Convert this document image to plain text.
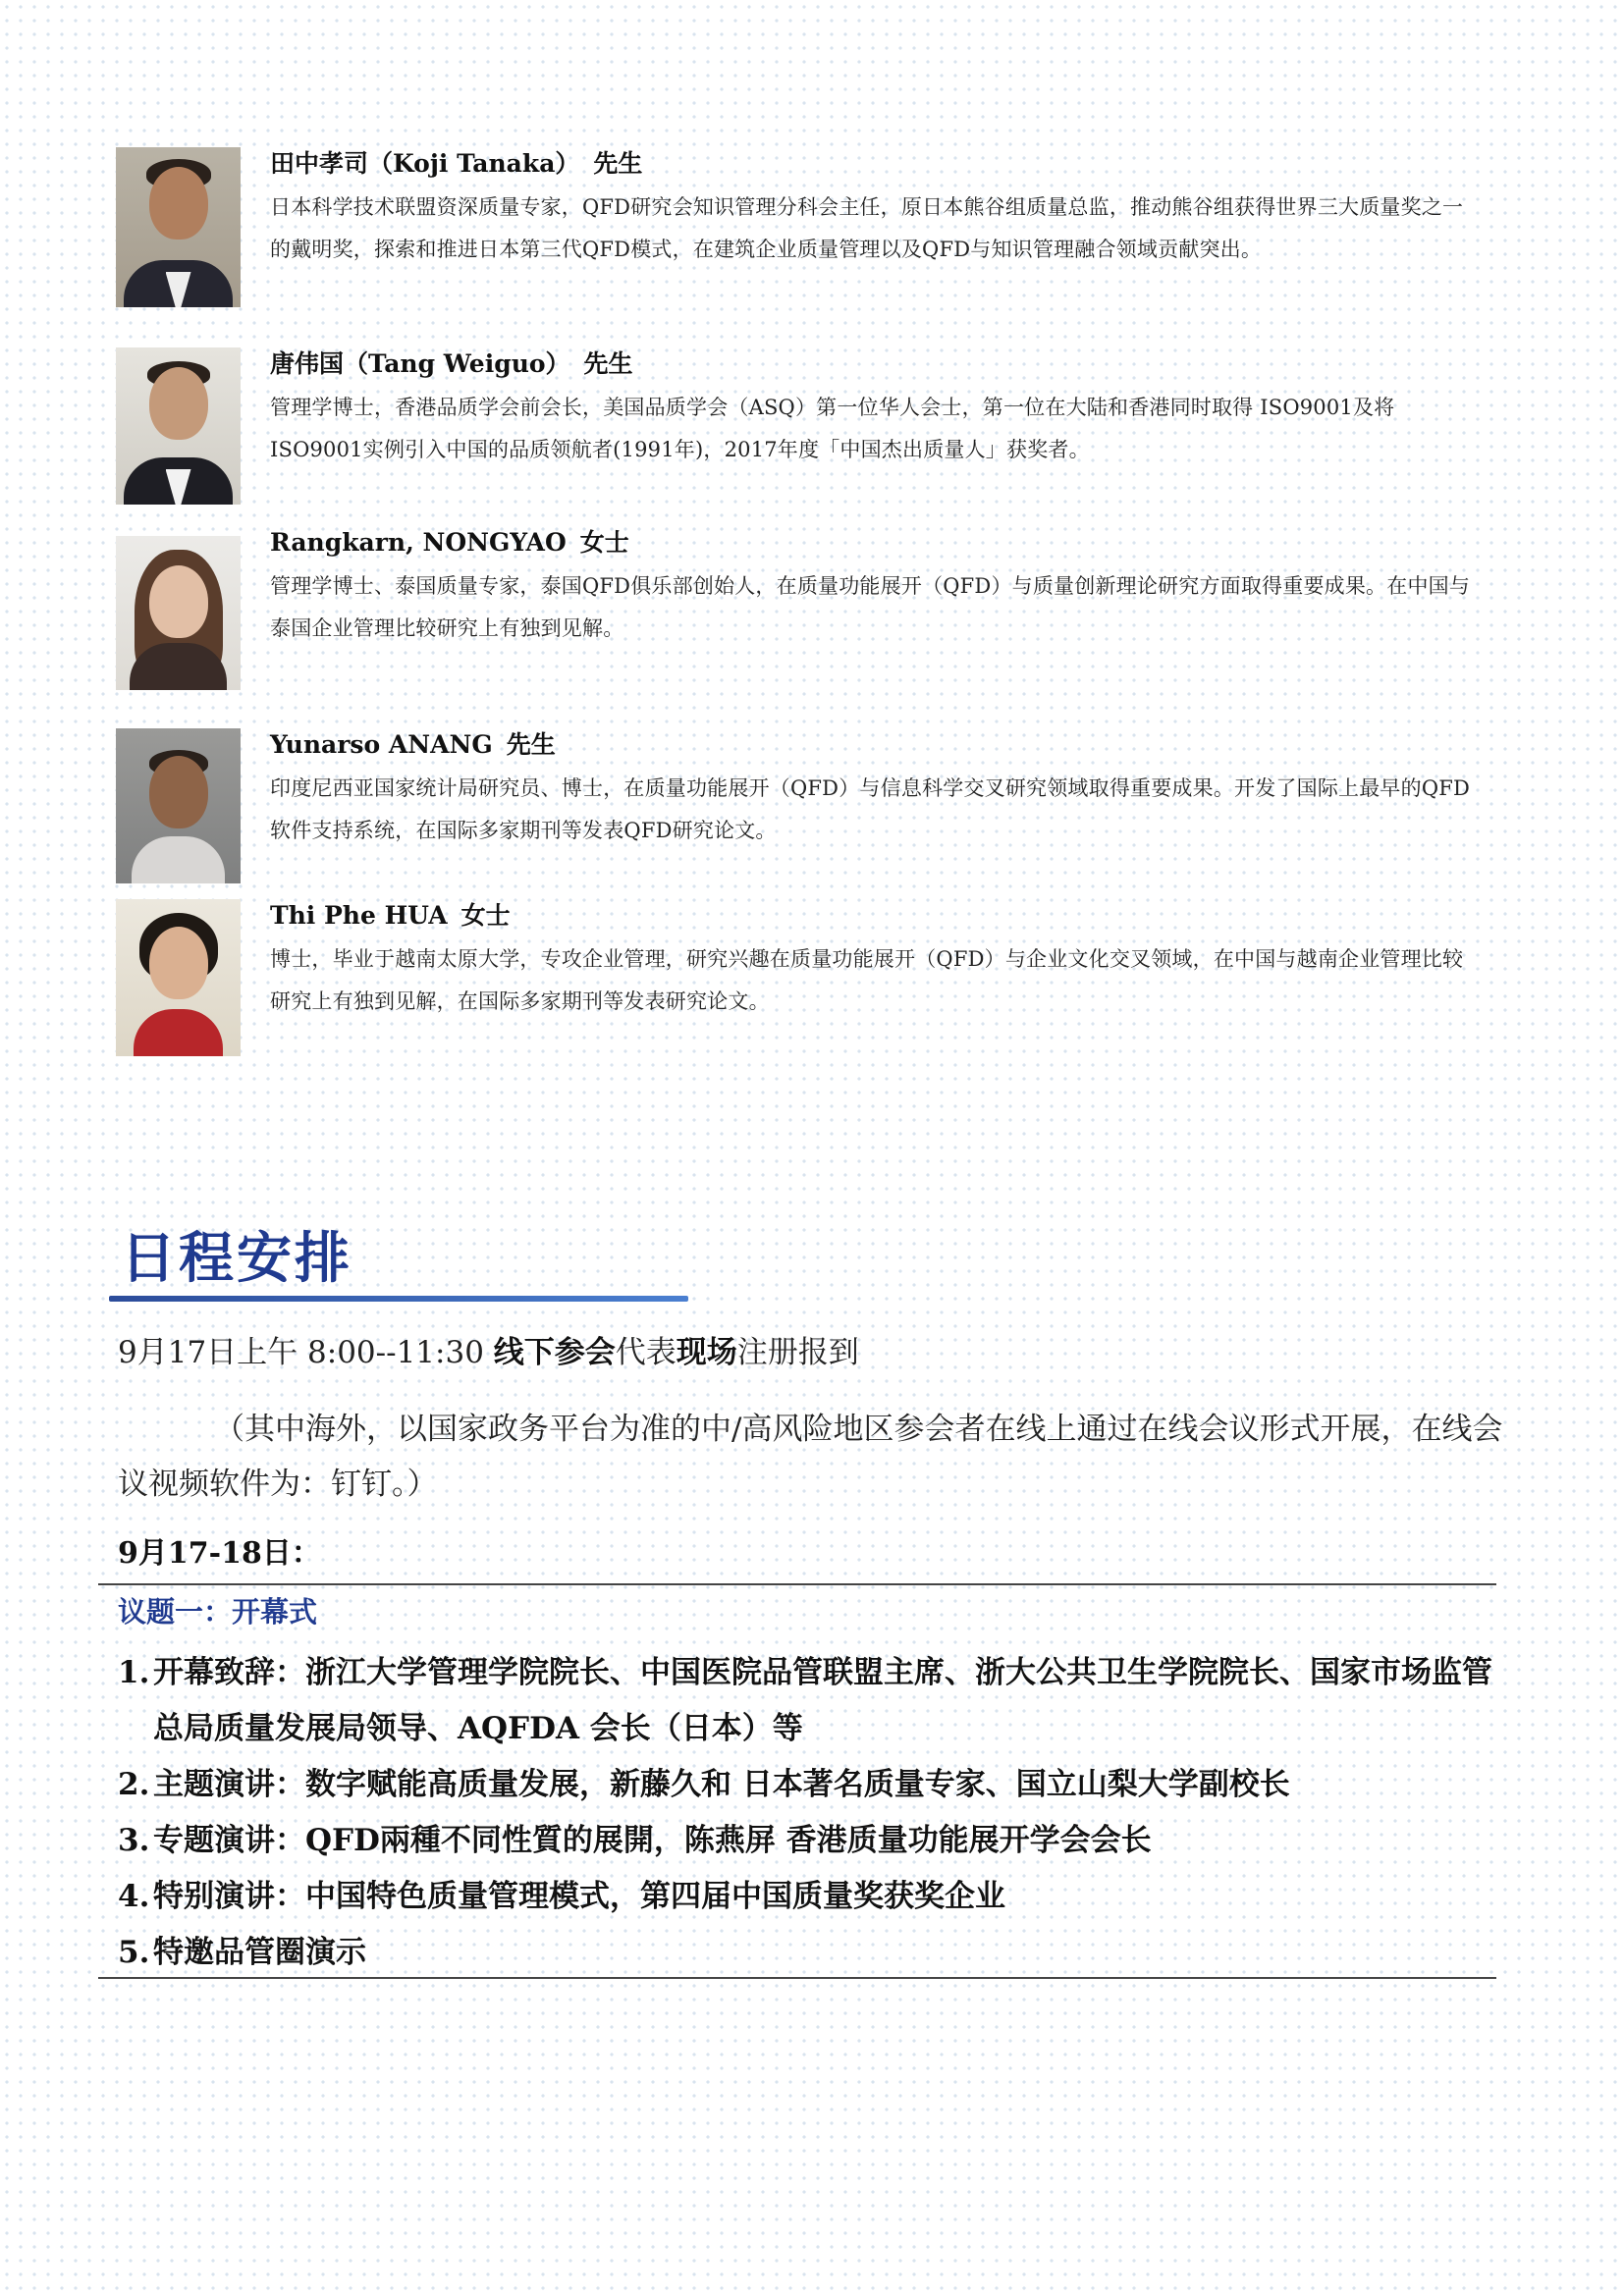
田中孝司（Koji Tanaka） 先生

日本科学技术联盟资深质量专家，QFD研究会知识管理分科会主任，原日本熊谷组质量总监，推动熊谷组获得世界三大质量奖之一的戴明奖，探索和推进日本第三代QFD模式，在建筑企业质量管理以及QFD与知识管理融合领域贡献突出。

唐伟国（Tang Weiguo） 先生

管理学博士，香港品质学会前会长，美国品质学会（ASQ）第一位华人会士，第一位在大陆和香港同时取得 ISO9001及将ISO9001实例引入中国的品质领航者(1991年)，2017年度「中国杰出质量人」获奖者。

Rangkarn, NONGYAO 女士

管理学博士、泰国质量专家，泰国QFD俱乐部创始人，在质量功能展开（QFD）与质量创新理论研究方面取得重要成果。在中国与泰国企业管理比较研究上有独到见解。

Yunarso ANANG 先生

印度尼西亚国家统计局研究员、博士，在质量功能展开（QFD）与信息科学交叉研究领域取得重要成果。开发了国际上最早的QFD软件支持系统，在国际多家期刊等发表QFD研究论文。

Thi Phe HUA 女士

博士，毕业于越南太原大学，专攻企业管理，研究兴趣在质量功能展开（QFD）与企业文化交叉领域，在中国与越南企业管理比较研究上有独到见解，在国际多家期刊等发表研究论文。

日程安排

9月17日上午 8:00--11:30 线下参会代表现场注册报到

（其中海外，以国家政务平台为准的中/高风险地区参会者在线上通过在线会议形式开展，在线会议视频软件为：钉钉。）

9月17-18日：

议题一：开幕式

1. 开幕致辞：浙江大学管理学院院长、中国医院品管联盟主席、浙大公共卫生学院院长、国家市场监管总局质量发展局领导、AQFDA 会长（日本）等
2. 主题演讲：数字赋能高质量发展，新藤久和 日本著名质量专家、国立山梨大学副校长
3. 专题演讲：QFD兩種不同性質的展開，陈燕屏 香港质量功能展开学会会长
4. 特别演讲：中国特色质量管理模式，第四届中国质量奖获奖企业
5. 特邀品管圈演示
